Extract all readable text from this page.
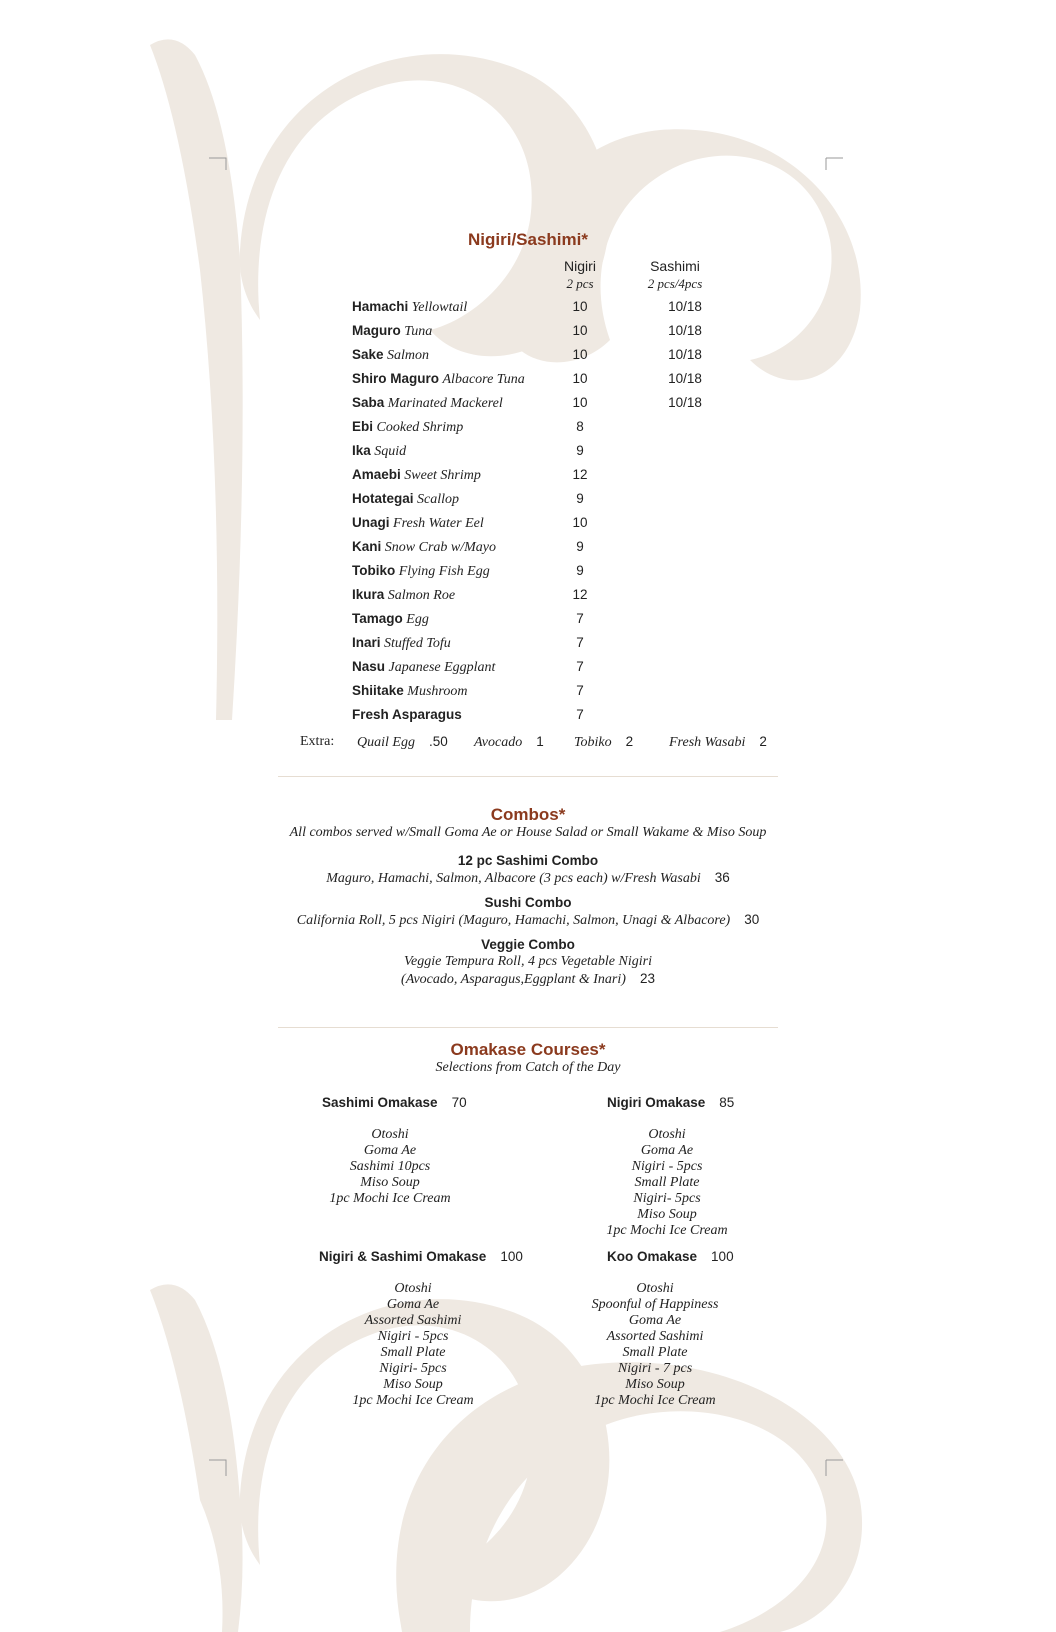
Nigiri/Sashimi*
Nigiri
2 pcs
Sashimi
2 pcs/4pcs
Hamachi Yellowtail	10	10/18
Maguro Tuna	10	10/18
Sake Salmon	10	10/18
Shiro Maguro Albacore Tuna	10	10/18
Saba Marinated Mackerel	10	10/18
Ebi Cooked Shrimp	8
Ika Squid	9
Amaebi Sweet Shrimp	12
Hotategai Scallop	9
Unagi Fresh Water Eel	10
Kani Snow Crab w/Mayo	9
Tobiko Flying Fish Egg	9
Ikura Salmon Roe	12
Tamago Egg	7
Inari Stuffed Tofu	7
Nasu Japanese Eggplant	7
Shiitake Mushroom	7
Fresh Asparagus	7
Extra: Quail Egg .50 Avocado 1 Tobiko 2	Fresh Wasabi 2
Combos*
All combos served w/Small Goma Ae or House Salad or Small Wakame & Miso Soup
12 pc Sashimi Combo
Maguro, Hamachi, Salmon, Albacore (3 pcs each) w/Fresh Wasabi 36
Sushi Combo
California Roll, 5 pcs Nigiri (Maguro, Hamachi, Salmon, Unagi & Albacore) 30
Veggie Combo
Veggie Tempura Roll, 4 pcs Vegetable Nigiri
(Avocado, Asparagus,Eggplant & Inari) 23
Omakase Courses*
Selections from Catch of the Day
Sashimi Omakase 70
Otoshi
Goma Ae
Sashimi 10pcs
Miso Soup
1pc Mochi Ice Cream
Nigiri Omakase 85
Otoshi
Goma Ae
Nigiri - 5pcs
Small Plate
Nigiri- 5pcs
Miso Soup
1pc Mochi Ice Cream
Nigiri & Sashimi Omakase 100
Otoshi
Goma Ae
Assorted Sashimi
Nigiri - 5pcs
Small Plate
Nigiri- 5pcs
Miso Soup
1pc Mochi Ice Cream
Koo Omakase 100
Otoshi
Spoonful of Happiness
Goma Ae
Assorted Sashimi
Small Plate
Nigiri - 7 pcs
Miso Soup
1pc Mochi Ice Cream
